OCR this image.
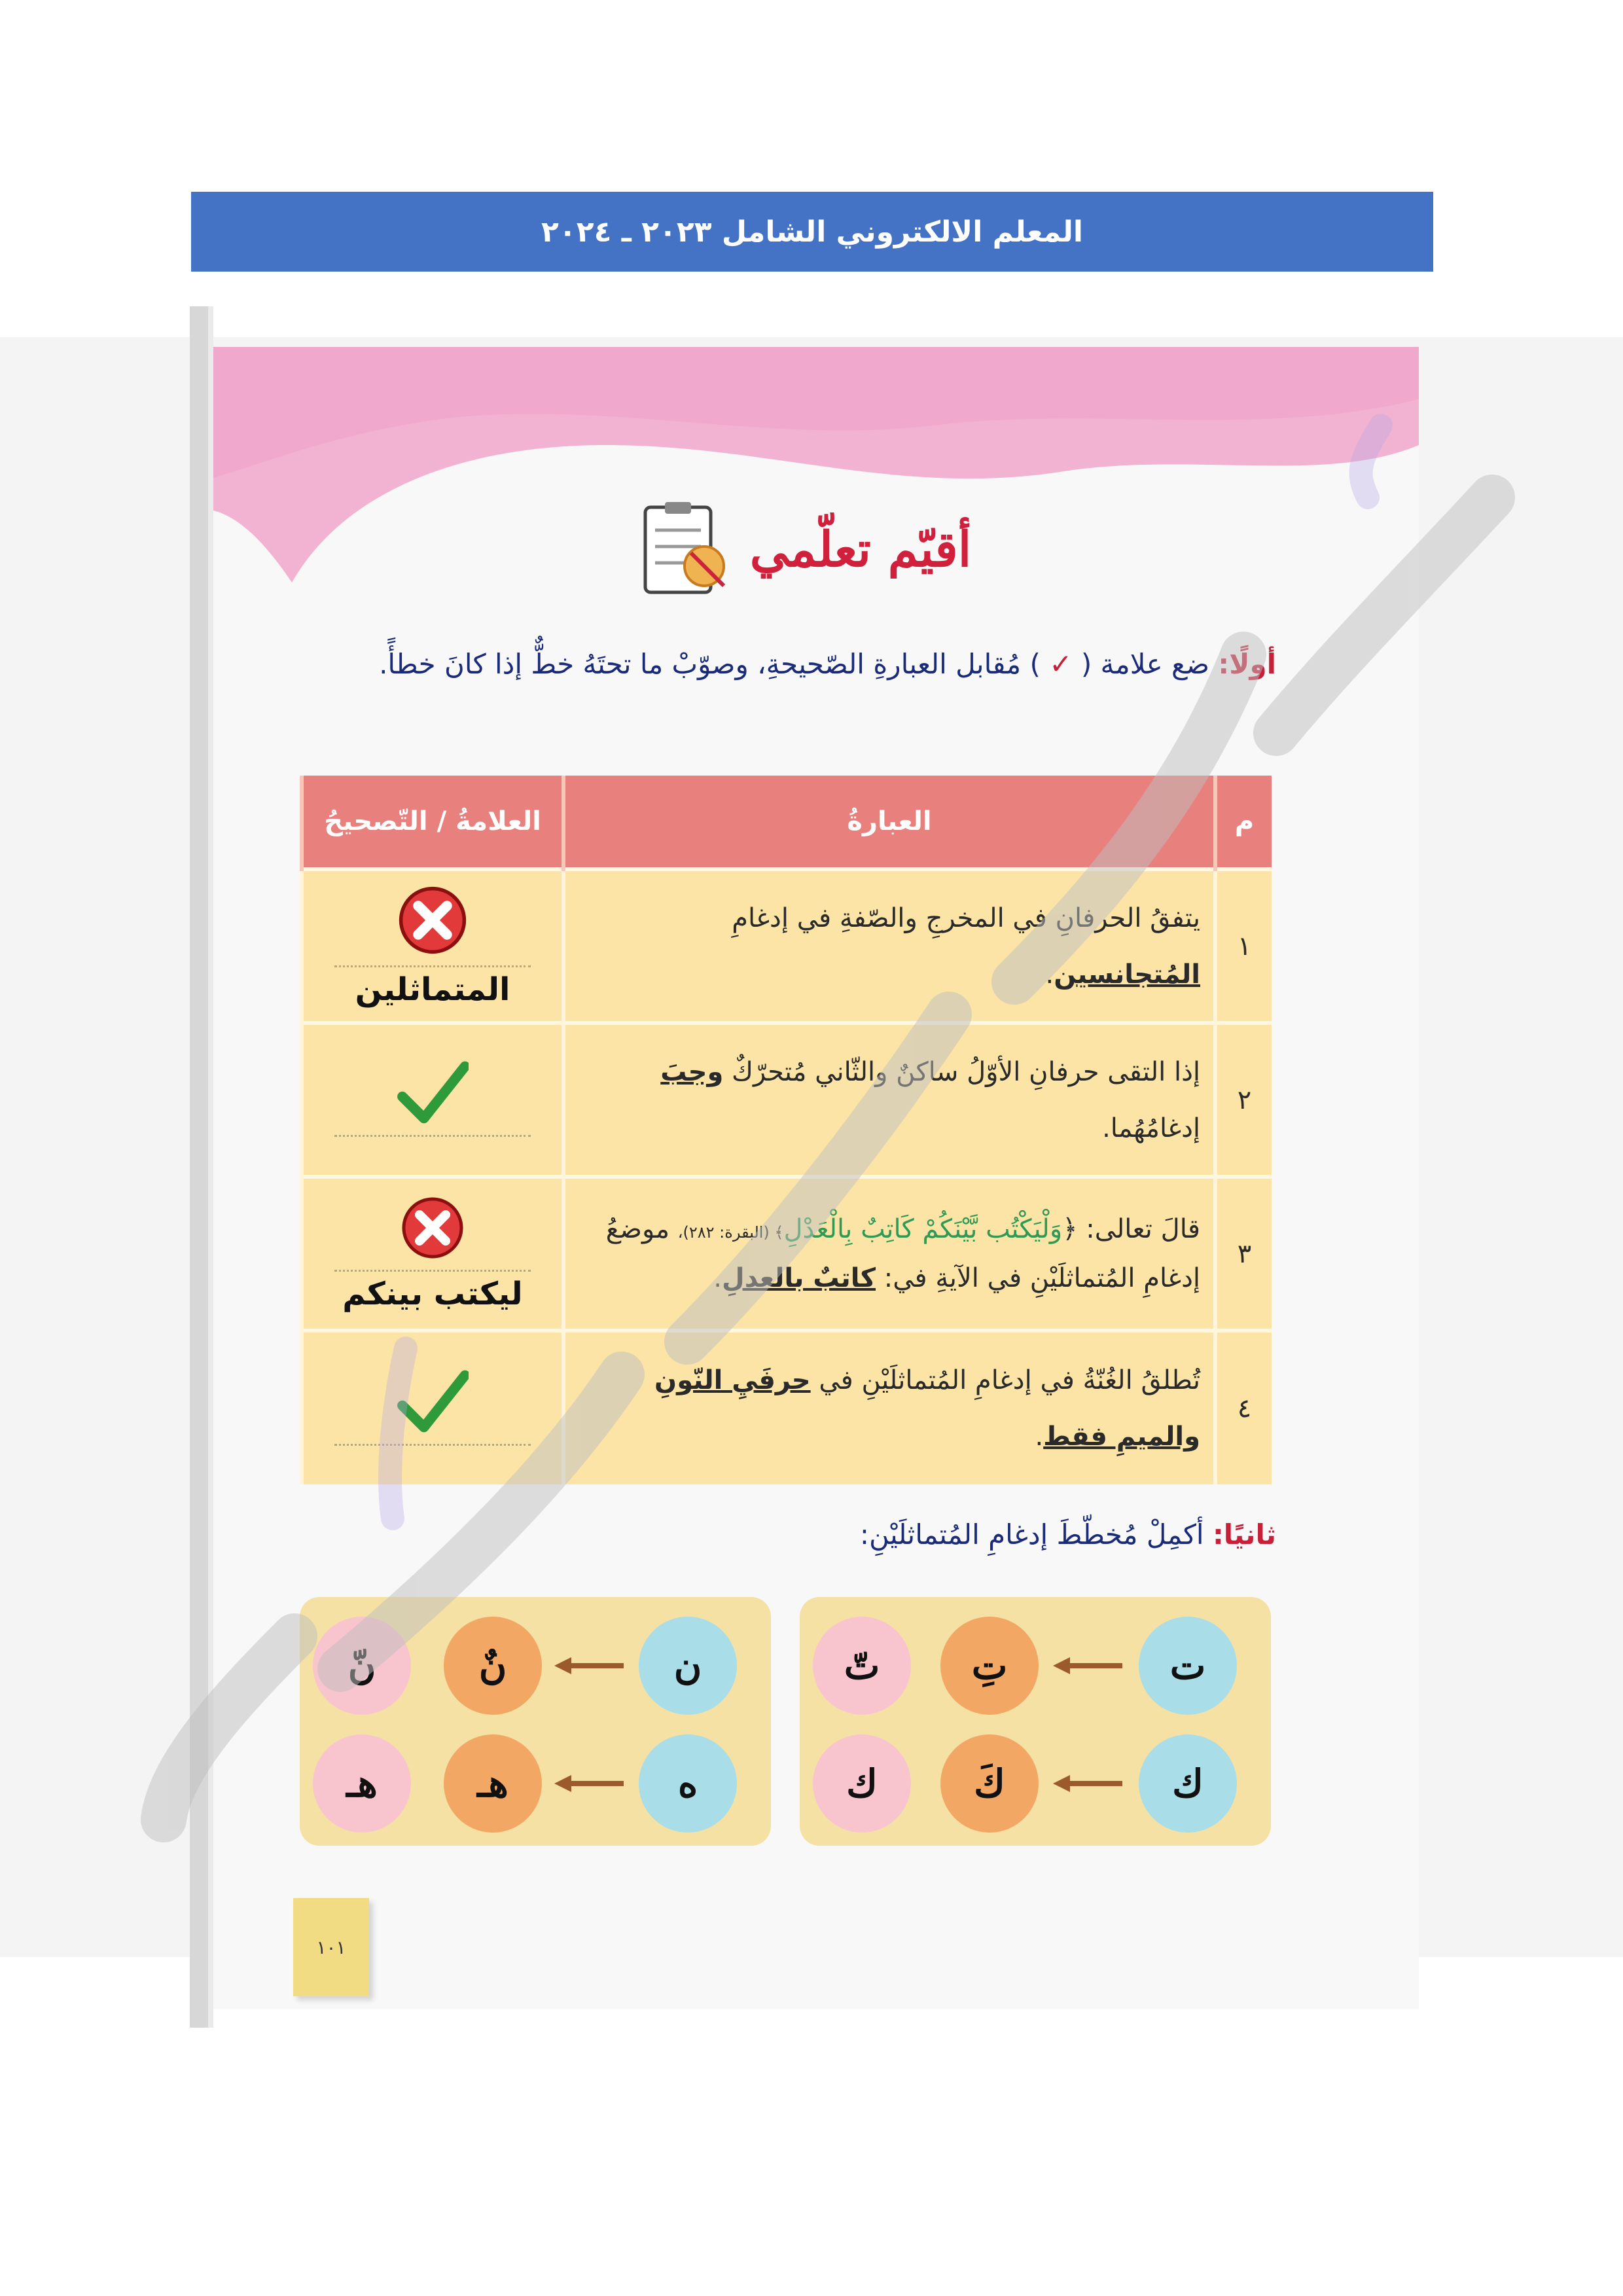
المعلم الالكتروني الشامل ٢٠٢٣ ـ ٢٠٢٤
أقيّم تعلّمي
أولًا: ضع علامة ( ✓ ) مُقابل العبارةِ الصّحيحةِ، وصوّبْ ما تحتَهُ خطٌّ إذا كانَ خطأً.
م	العبارةُ	العلامةُ / التّصحيحُ
١	يتفقُ الحرفانِ في المخرجِ والصّفةِ في إدغامِ المُتجانسين.	المتماثلين

٢	إذا التقى حرفانِ الأوّلُ ساكنٌ والثّاني مُتحرّكٌ وجبَ إدغامُهُما.	

٣	قالَ تعالى: ﴿وَلْيَكْتُب بَّيْنَكُمْ كَاتِبٌ بِالْعَدْلِ﴾ (البقرة: ٢٨٢)، موضعُ إدغامِ المُتماثلَيْنِ في الآيةِ في: كاتبٌ بالعدلِ.	ليكتب بينكم

٤	تُطلقُ الغُنّةُ في إدغامِ المُتماثلَيْنِ في حرفَيِ النّونِ والميمِ فقط.	
ثانيًا: أكمِلْ مُخطّطَ إدغامِ المُتماثلَيْنِ:
ت
تِ
تّ
ك
كَ
ك
ن
نٌ
نّ
ه
هـ
هـ
١٠١
